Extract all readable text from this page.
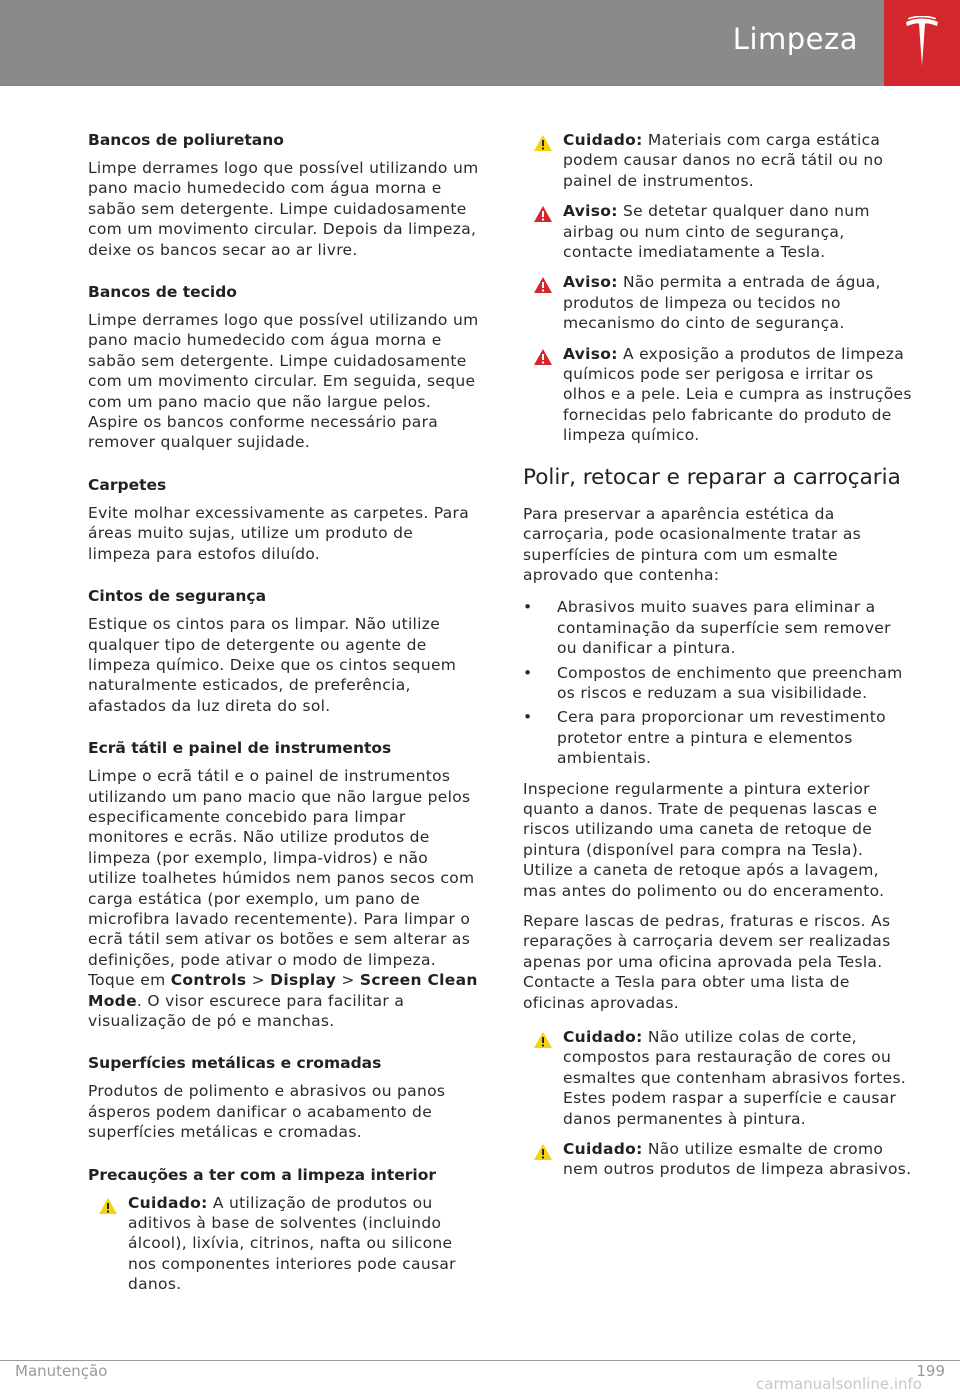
Limpeza
Bancos de poliuretano
Limpe derrames logo que possível utilizando um pano macio humedecido com água morna e sabão sem detergente. Limpe cuidadosamente com um movimento circular. Depois da limpeza, deixe os bancos secar ao ar livre.
Bancos de tecido
Limpe derrames logo que possível utilizando um pano macio humedecido com água morna e sabão sem detergente. Limpe cuidadosamente com um movimento circular. Em seguida, seque com um pano macio que não largue pelos. Aspire os bancos conforme necessário para remover qualquer sujidade.
Carpetes
Evite molhar excessivamente as carpetes. Para áreas muito sujas, utilize um produto de limpeza para estofos diluído.
Cintos de segurança
Estique os cintos para os limpar. Não utilize qualquer tipo de detergente ou agente de limpeza químico. Deixe que os cintos sequem naturalmente esticados, de preferência, afastados da luz direta do sol.
Ecrã tátil e painel de instrumentos
Limpe o ecrã tátil e o painel de instrumentos utilizando um pano macio que não largue pelos especificamente concebido para limpar monitores e ecrãs. Não utilize produtos de limpeza (por exemplo, limpa-vidros) e não utilize toalhetes húmidos nem panos secos com carga estática (por exemplo, um pano de microfibra lavado recentemente). Para limpar o ecrã tátil sem ativar os botões e sem alterar as definições, pode ativar o modo de limpeza. Toque em Controls > Display > Screen Clean Mode. O visor escurece para facilitar a visualização de pó e manchas.
Superfícies metálicas e cromadas
Produtos de polimento e abrasivos ou panos ásperos podem danificar o acabamento de superfícies metálicas e cromadas.
Precauções a ter com a limpeza interior
Cuidado: A utilização de produtos ou aditivos à base de solventes (incluindo álcool), lixívia, citrinos, nafta ou silicone nos componentes interiores pode causar danos.
Cuidado: Materiais com carga estática podem causar danos no ecrã tátil ou no painel de instrumentos.
Aviso: Se detetar qualquer dano num airbag ou num cinto de segurança, contacte imediatamente a Tesla.
Aviso: Não permita a entrada de água, produtos de limpeza ou tecidos no mecanismo do cinto de segurança.
Aviso: A exposição a produtos de limpeza químicos pode ser perigosa e irritar os olhos e a pele. Leia e cumpra as instruções fornecidas pelo fabricante do produto de limpeza químico.
Polir, retocar e reparar a carroçaria
Para preservar a aparência estética da carroçaria, pode ocasionalmente tratar as superfícies de pintura com um esmalte aprovado que contenha:
• Abrasivos muito suaves para eliminar a contaminação da superfície sem remover ou danificar a pintura.
• Compostos de enchimento que preencham os riscos e reduzam a sua visibilidade.
• Cera para proporcionar um revestimento protetor entre a pintura e elementos ambientais.
Inspecione regularmente a pintura exterior quanto a danos. Trate de pequenas lascas e riscos utilizando uma caneta de retoque de pintura (disponível para compra na Tesla). Utilize a caneta de retoque após a lavagem, mas antes do polimento ou do enceramento.
Repare lascas de pedras, fraturas e riscos. As reparações à carroçaria devem ser realizadas apenas por uma oficina aprovada pela Tesla. Contacte a Tesla para obter uma lista de oficinas aprovadas.
Cuidado: Não utilize colas de corte, compostos para restauração de cores ou esmaltes que contenham abrasivos fortes. Estes podem raspar a superfície e causar danos permanentes à pintura.
Cuidado: Não utilize esmalte de cromo nem outros produtos de limpeza abrasivos.
Manutenção	199
carmanualsonline.info
